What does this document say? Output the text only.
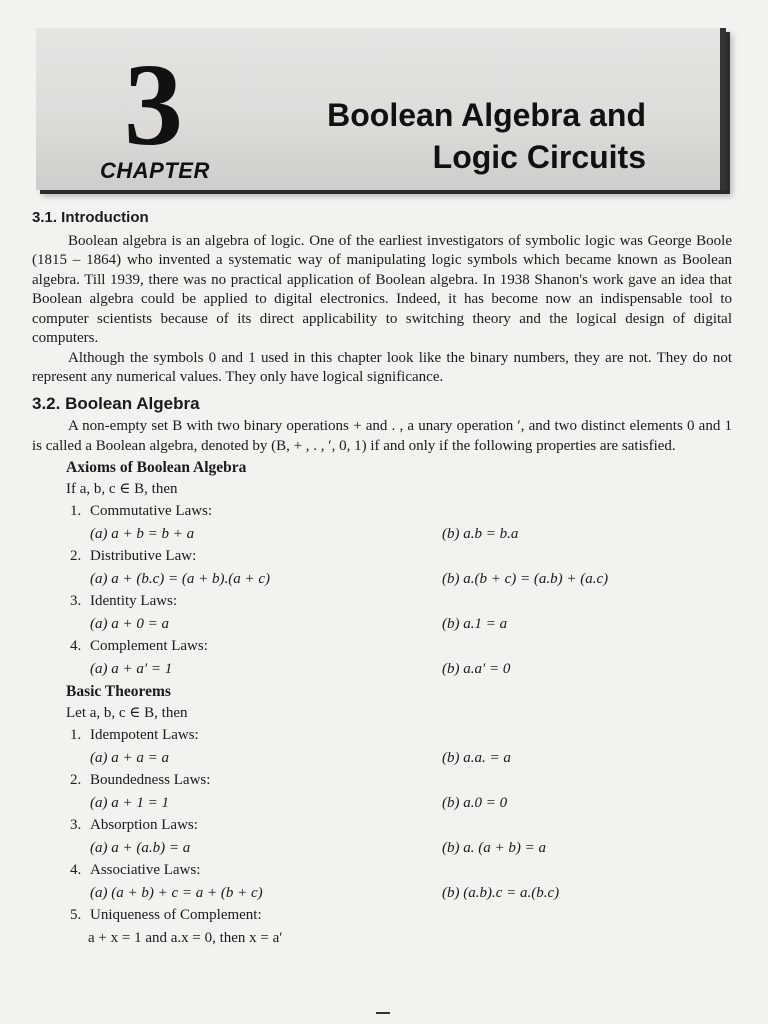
3
CHAPTER
Boolean Algebra and
Logic Circuits
3.1. Introduction

Boolean algebra is an algebra of logic. One of the earliest investigators of symbolic logic was George Boole (1815 – 1864) who invented a systematic way of manipulating logic symbols which became known as Boolean algebra. Till 1939, there was no practical application of Boolean algebra. In 1938 Shanon's work gave an idea that Boolean algebra could be applied to digital electronics. Indeed, it has become now an indispensable tool to computer scientists because of its direct applicability to switching theory and the logical design of digital computers.

Although the symbols 0 and 1 used in this chapter look like the binary numbers, they are not. They do not represent any numerical values. They only have logical significance.

3.2. Boolean Algebra

A non-empty set B with two binary operations + and . , a unary operation ′, and two distinct elements 0 and 1 is called a Boolean algebra, denoted by (B, + , . , ′, 0, 1) if and only if the following properties are satisfied.

Axioms of Boolean Algebra
If a, b, c ∈ B, then
1. Commutative Laws:
(a) a + b = b + a	(b) a.b = b.a
2. Distributive Law:
(a) a + (b.c) = (a + b).(a + c)	(b) a.(b + c) = (a.b) + (a.c)
3. Identity Laws:
(a) a + 0 = a	(b) a.1 = a
4. Complement Laws:
(a) a + a′ = 1	(b) a.a′ = 0
Basic Theorems
Let a, b, c ∈ B, then
1. Idempotent Laws:
(a) a + a = a	(b) a.a. = a
2. Boundedness Laws:
(a) a + 1 = 1	(b) a.0 = 0
3. Absorption Laws:
(a) a + (a.b) = a	(b) a. (a + b) = a
4. Associative Laws:
(a) (a + b) + c = a + (b + c)	(b) (a.b).c = a.(b.c)
5. Uniqueness of Complement:
a + x = 1 and a.x = 0, then x = a′
